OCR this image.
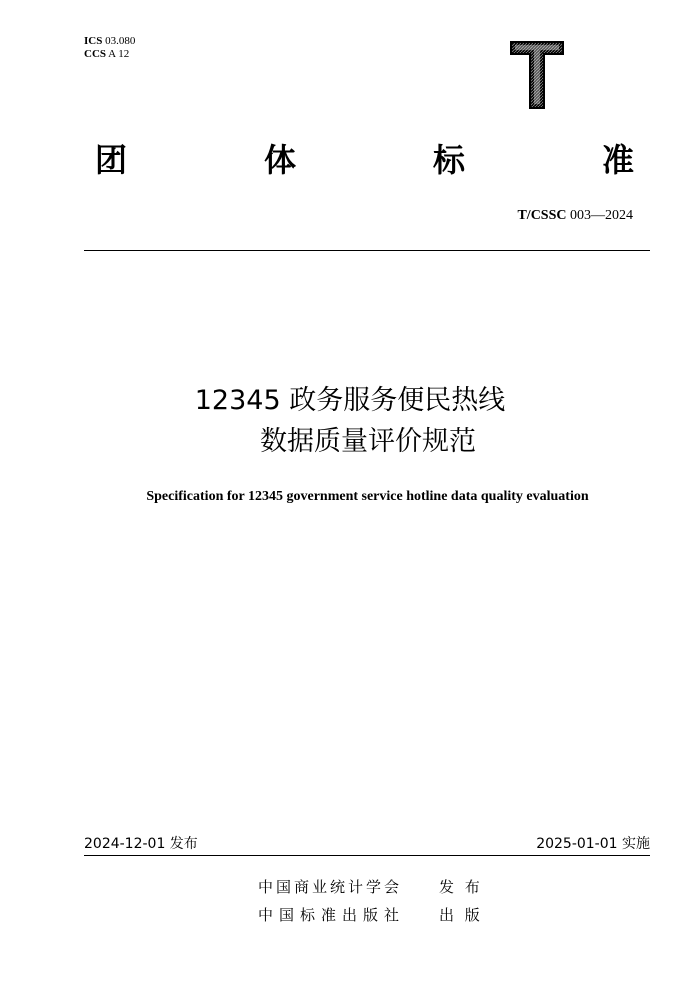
ICS 03.080
CCS A 12
团	体	标	准
T/CSSC 003—2024
12345 政务服务便民热线
数据质量评价规范
Specification for 12345 government service hotline data quality evaluation
2024-12-01 发布	2025-01-01 实施
中国商业统计学会 发 布
中国标准出版社 出 版
